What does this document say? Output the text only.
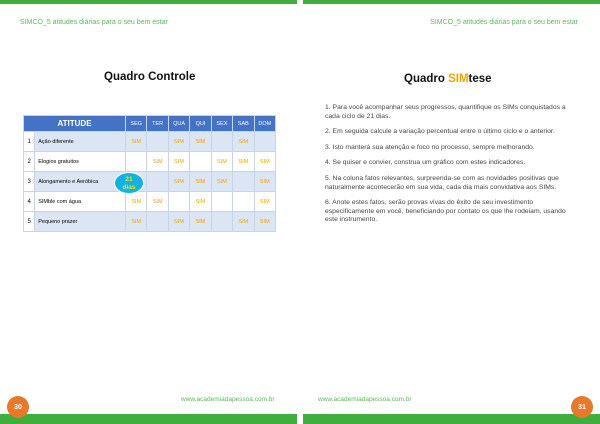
SIMCO_5 atitudes diárias para o seu bem estar	SIMCO_5 atitudes diárias para o seu bem estar
Quadro Controle
ATITUDE		SEG	TER	QUA	QUI	SEX	SAB	DOM
1	Ação diferente	SIM		SIM	SIM		SIM	
2	Elogios gratuitos		SIM	SIM		SIM	SIM	SIM
3	Alongamento e Aeróbica			SIM	SIM	SIM		SIM
4	SIMble com água	SIM	SIM		SIM			SIM
5	Pequeno prazer	SIM		SIM	SIM		SIM	SIM
21
dias
Quadro SIMtese

1. Para você acompanhar seus progressos, quantifique os SIMs conquistados a cada ciclo de 21 dias.

2. Em seguida calcule a variação percentual entre o último ciclo e o anterior.

3. Isto manterá sua atenção e foco no processo, sempre melhorando.

4. Se quiser e convier, construa um gráfico com estes indicadores.

5. Na coluna fatos relevantes, surpreenda-se com as novidades positivas que naturalmente acontecerão em sua vida, cada dia mais convidativa aos SIMs.

6. Anote estes fatos, serão provas vivas do êxito de seu investimento especificamente em você, beneficiando por contato os que lhe rodeiam, usando este instrumento.

www.academiadapessoa.com.br	www.academiadapessoa.com.br
30	31
